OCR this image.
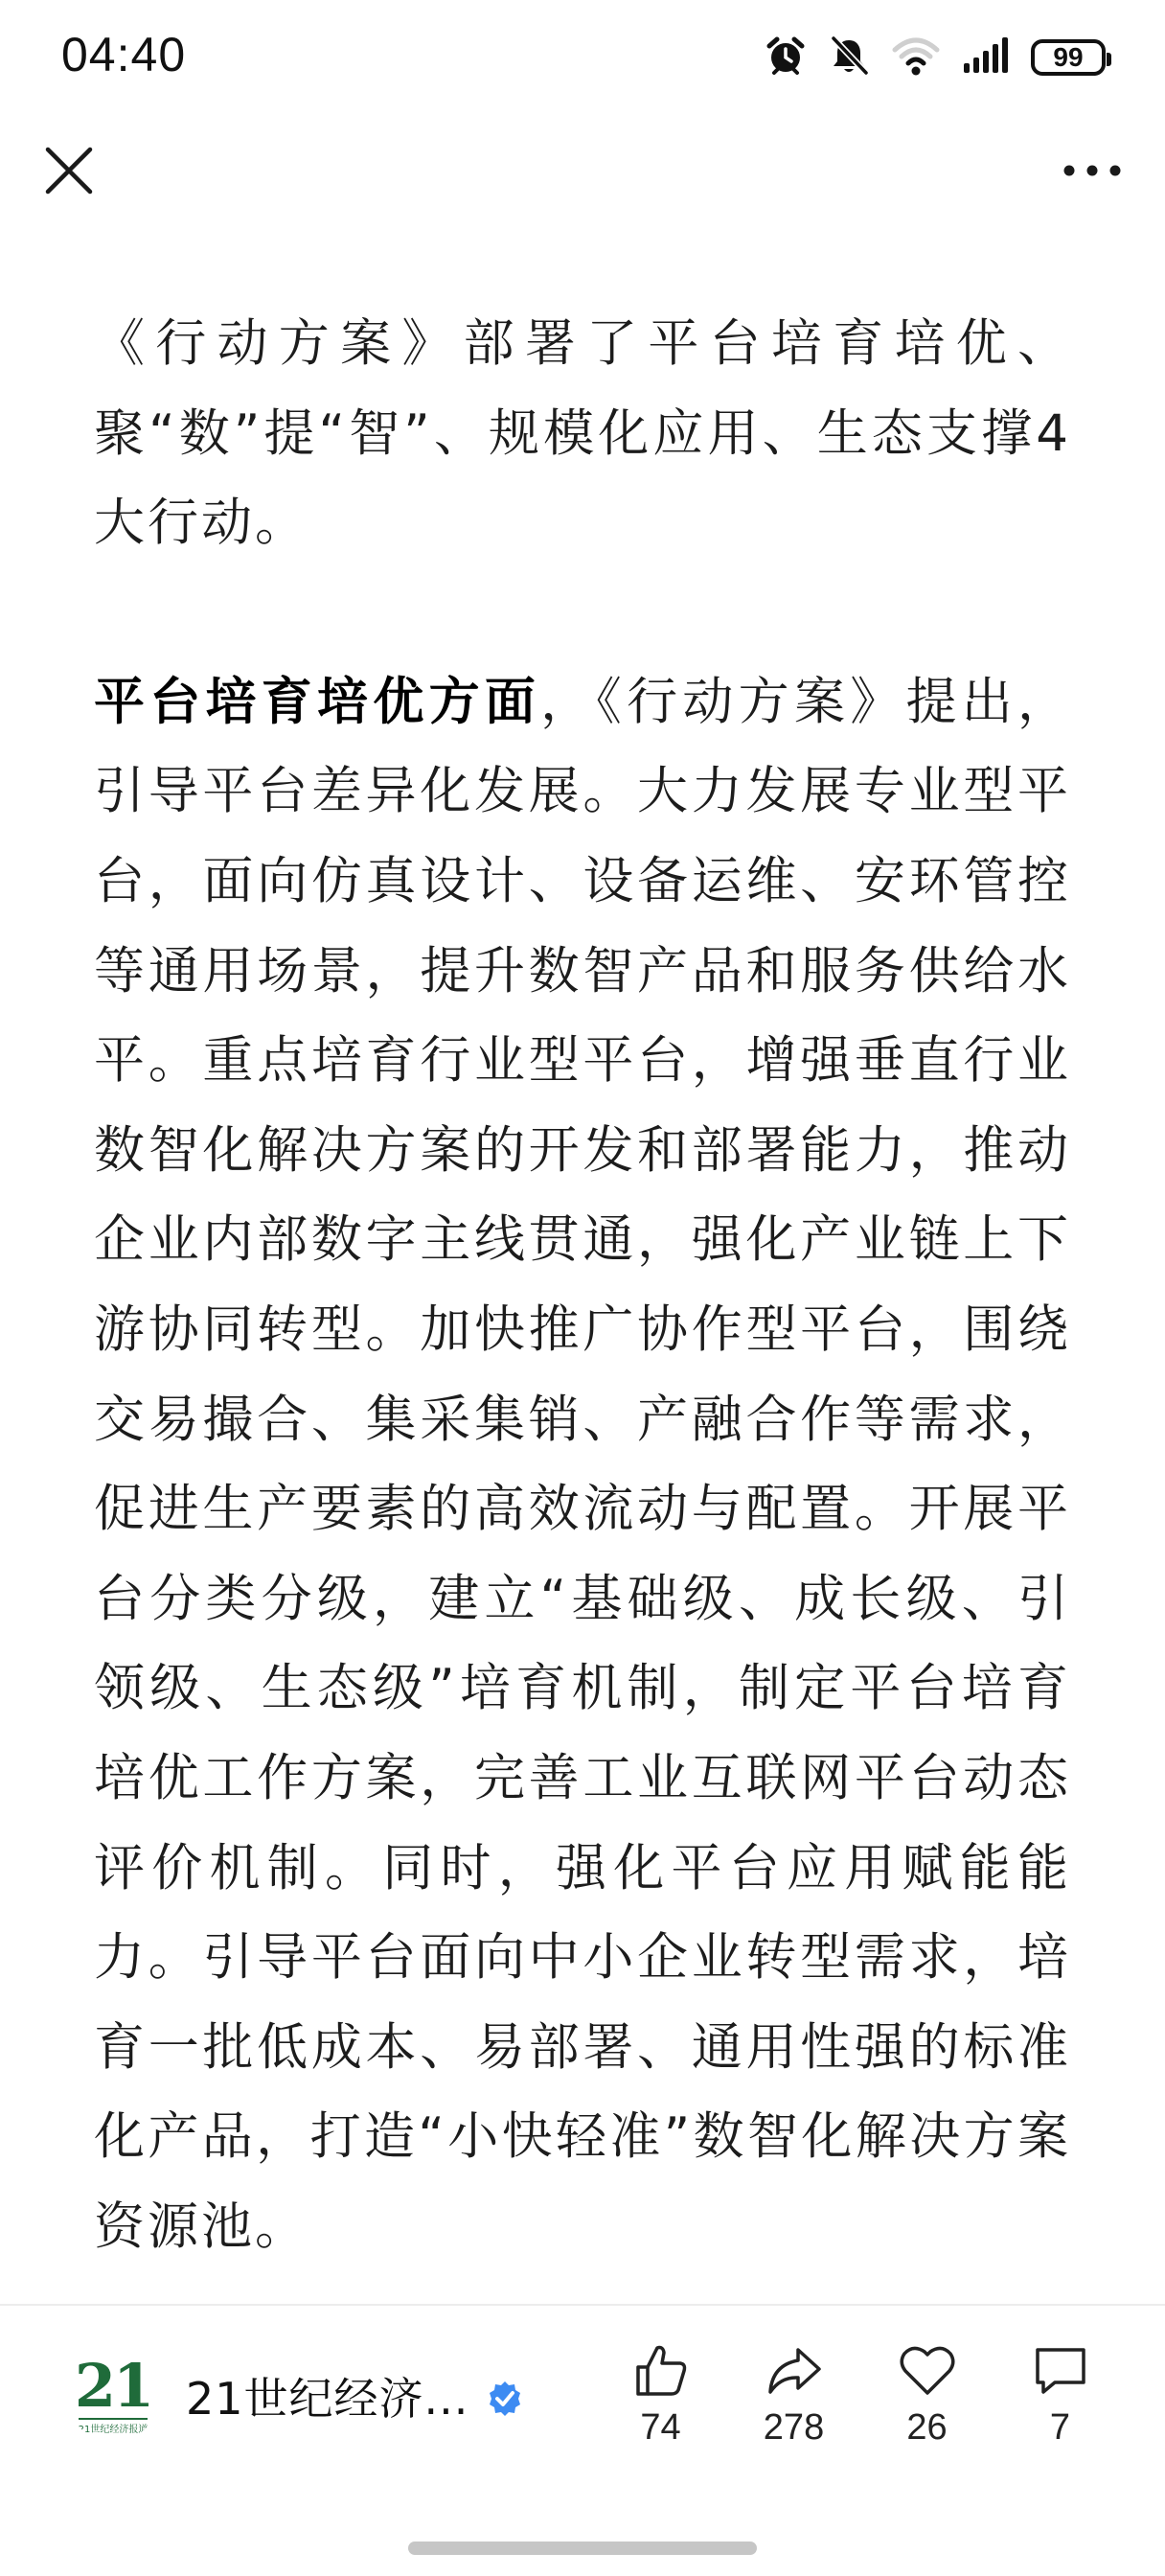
04:40	99

《行动方案》部署了平台培育培优、聚“数”提“智”、规模化应用、生态支撑4大行动。

平台培育培优方面，《行动方案》提出，引导平台差异化发展。大力发展专业型平台，面向仿真设计、设备运维、安环管控等通用场景，提升数智产品和服务供给水平。重点培育行业型平台，增强垂直行业数智化解决方案的开发和部署能力，推动企业内部数字主线贯通，强化产业链上下游协同转型。加快推广协作型平台，围绕交易撮合、集采集销、产融合作等需求，促进生产要素的高效流动与配置。开展平台分类分级，建立“基础级、成长级、引领级、生态级”培育机制，制定平台培育培优工作方案，完善工业互联网平台动态评价机制。同时，强化平台应用赋能能力。引导平台面向中小企业转型需求，培育一批低成本、易部署、通用性强的标准化产品，打造“小快轻准”数智化解决方案资源池。

21
21世纪经济报道
21世纪经济...
74 278 26	7
